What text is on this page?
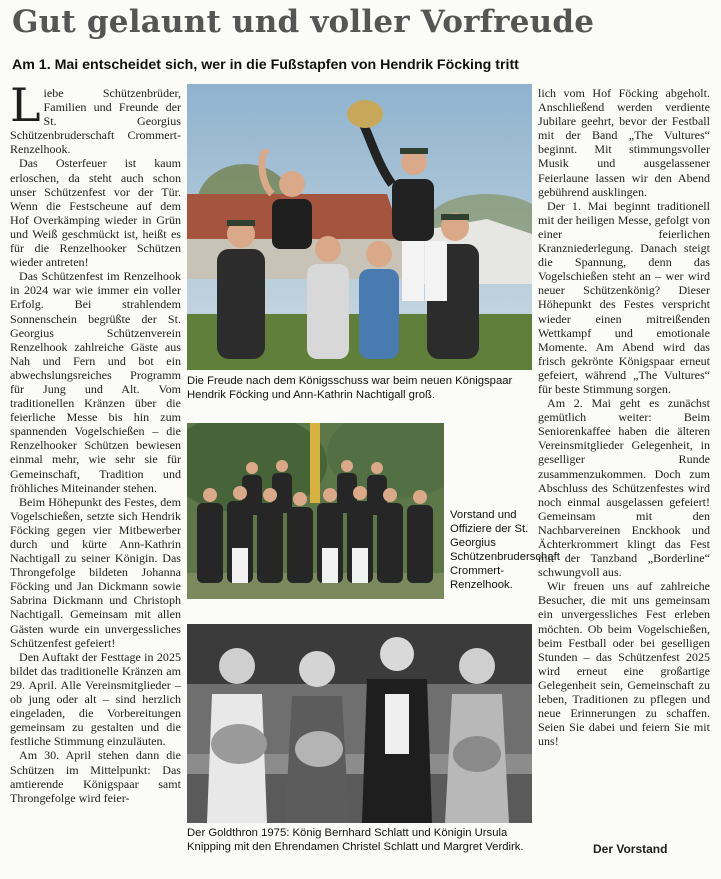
Gut gelaunt und voller Vorfreude
Am 1. Mai entscheidet sich, wer in die Fußstapfen von Hendrik Föcking tritt

Liebe Schützenbrüder, Familien und Freunde der St. Georgius Schützenbruderschaft Crommert-Renzelhook.

Das Osterfeuer ist kaum erloschen, da steht auch schon unser Schützenfest vor der Tür. Wenn die Festscheune auf dem Hof Overkämping wieder in Grün und Weiß geschmückt ist, heißt es für die Renzelhooker Schützen wieder antreten!

Das Schützenfest im Renzelhook in 2024 war wie immer ein voller Erfolg. Bei strahlendem Sonnenschein begrüßte der St. Georgius Schützenverein Renzelhook zahlreiche Gäste aus Nah und Fern und bot ein abwechslungsreiches Programm für Jung und Alt. Vom traditionellen Kränzen über die feierliche Messe bis hin zum spannenden Vogelschießen – die Renzelhooker Schützen bewiesen einmal mehr, wie sehr sie für Gemeinschaft, Tradition und fröhliches Miteinander stehen.

Beim Höhepunkt des Festes, dem Vogelschießen, setzte sich Hendrik Föcking gegen vier Mitbewerber durch und kürte Ann-Kathrin Nachtigall zu seiner Königin. Das Throngefolge bildeten Johanna Föcking und Jan Dickmann sowie Sabrina Dickmann und Christoph Nachtigall. Gemeinsam mit allen Gästen wurde ein unvergessliches Schützenfest gefeiert!

Den Auftakt der Festtage in 2025 bildet das traditionelle Kränzen am 29. April. Alle Vereinsmitglieder – ob jung oder alt – sind herzlich eingeladen, die Vorbereitungen gemeinsam zu gestalten und die festliche Stimmung einzuläuten.

Am 30. April stehen dann die Schützen im Mittelpunkt: Das amtierende Königspaar samt Throngefolge wird feier-

Die Freude nach dem Königsschuss war beim neuen Königspaar Hendrik Föcking und Ann-Kathrin Nachtigall groß.
Vorstand und Offiziere der St. Georgius Schützenbruderschaft Crommert-Renzelhook.
Der Goldthron 1975: König Bernhard Schlatt und Königin Ursula Knipping mit den Ehrendamen Christel Schlatt und Margret Verdirk.

lich vom Hof Föcking abgeholt. Anschließend werden verdiente Jubilare geehrt, bevor der Festball mit der Band „The Vultures“ beginnt. Mit stimmungsvoller Musik und ausgelassener Feierlaune lassen wir den Abend gebührend ausklingen.

Der 1. Mai beginnt traditionell mit der heiligen Messe, gefolgt von einer feierlichen Kranzniederlegung. Danach steigt die Spannung, denn das Vogelschießen steht an – wer wird neuer Schützenkönig? Dieser Höhepunkt des Festes verspricht wieder einen mitreißenden Wettkampf und emotionale Momente. Am Abend wird das frisch gekrönte Königspaar erneut gefeiert, während „The Vultures“ für beste Stimmung sorgen.

Am 2. Mai geht es zunächst gemütlich weiter: Beim Seniorenkaffee haben die älteren Vereinsmitglieder Gelegenheit, in geselliger Runde zusammenzukommen. Doch zum Abschluss des Schützenfestes wird noch einmal ausgelassen gefeiert! Gemeinsam mit den Nachbarvereinen Enckhook und Ächterkrommert klingt das Fest mit der Tanzband „Borderline“ schwungvoll aus.

Wir freuen uns auf zahlreiche Besucher, die mit uns gemeinsam ein unvergessliches Fest erleben möchten. Ob beim Vogelschießen, beim Festball oder bei geselligen Stunden – das Schützenfest 2025 wird erneut eine großartige Gelegenheit sein, Gemeinschaft zu leben, Traditionen zu pflegen und neue Erinnerungen zu schaffen. Seien Sie dabei und feiern Sie mit uns!

Der Vorstand
